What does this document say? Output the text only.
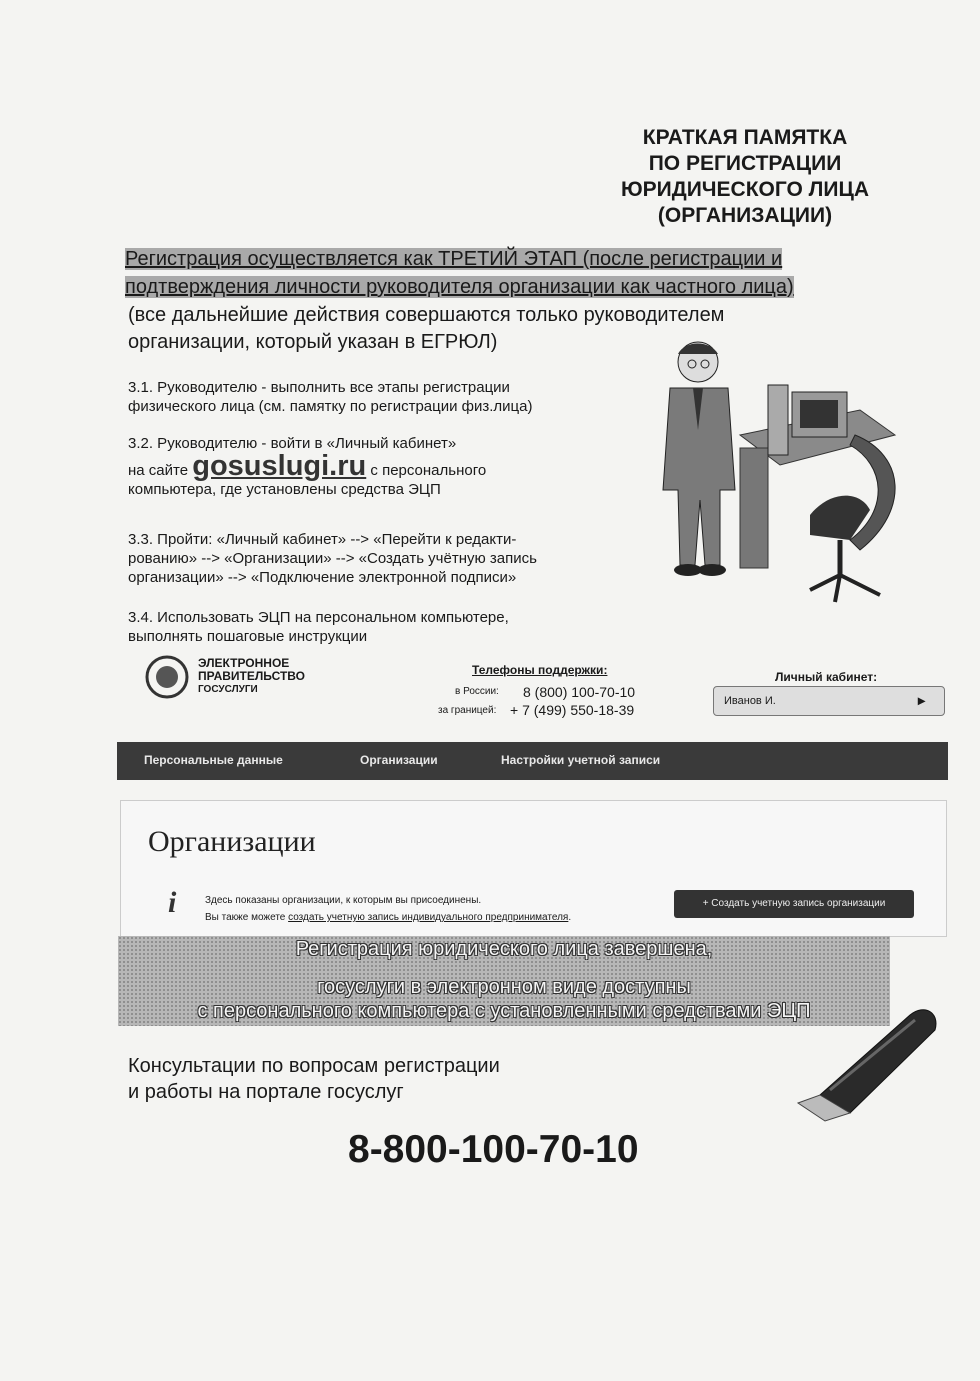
КРАТКАЯ ПАМЯТКА
ПО РЕГИСТРАЦИИ
ЮРИДИЧЕСКОГО ЛИЦА
(ОРГАНИЗАЦИИ)
Регистрация осуществляется как ТРЕТИЙ ЭТАП (после регистрации и
подтверждения личности руководителя организации как частного лица)
(все дальнейшие действия совершаются только руководителем
организации, который указан в ЕГРЮЛ)
3.1. Руководителю - выполнить все этапы регистрации
физического лица (см. памятку по регистрации физ.лица)
3.2. Руководителю - войти в «Личный кабинет»
на сайте gosuslugi.ru с персонального
компьютера, где установлены средства ЭЦП
3.3. Пройти: «Личный кабинет» --> «Перейти к редакти-
рованию» --> «Организации» --> «Создать учётную запись
организации» --> «Подключение электронной подписи»
3.4. Использовать ЭЦП на персональном компьютере,
выполнять пошаговые инструкции
ЭЛЕКТРОННОЕ
ПРАВИТЕЛЬСТВО
ГОСУСЛУГИ
Телефоны поддержки:
в России: 8 (800) 100-70-10
за границей: + 7 (499) 550-18-39
Личный кабинет:
Иванов И.	▸
Персональные данные	Организации	Настройки учетной записи
Организации
i	Здесь показаны организации, к которым вы присоединены.
Вы также можете создать учетную запись индивидуального предпринимателя.
+ Создать учетную запись организации
Регистрация юридического лица завершена,
госуслуги в электронном виде доступны
с персонального компьютера с установленными средствами ЭЦП
Консультации по вопросам регистрации
и работы на портале госуслуг
8-800-100-70-10
